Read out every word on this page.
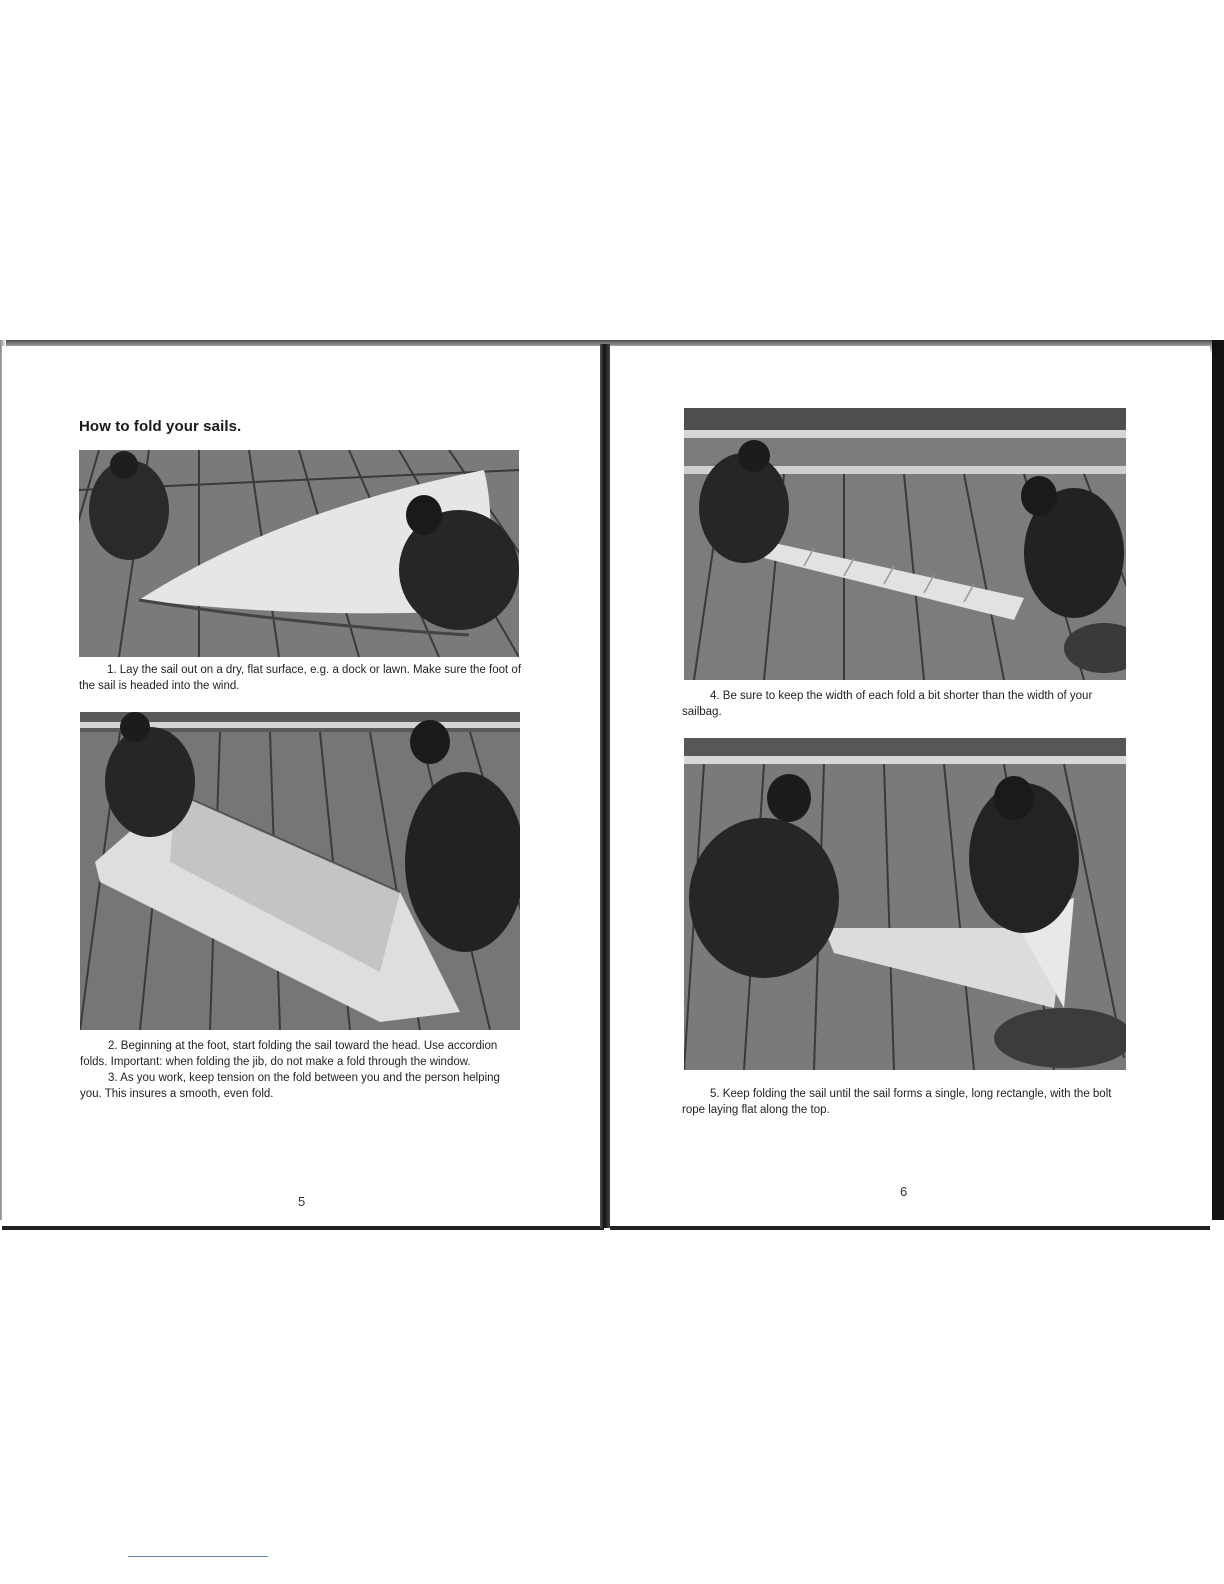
How to fold your sails.

1. Lay the sail out on a dry, flat surface, e.g. a dock or lawn. Make sure the foot of the sail is headed into the wind.

2. Beginning at the foot, start folding the sail toward the head. Use accordion folds. Important: when folding the jib, do not make a fold through the window.

3. As you work, keep tension on the fold between you and the person helping you. This insures a smooth, even fold.

5

4. Be sure to keep the width of each fold a bit shorter than the width of your sailbag.

5. Keep folding the sail until the sail forms a single, long rectangle, with the bolt rope laying flat along the top.

6
